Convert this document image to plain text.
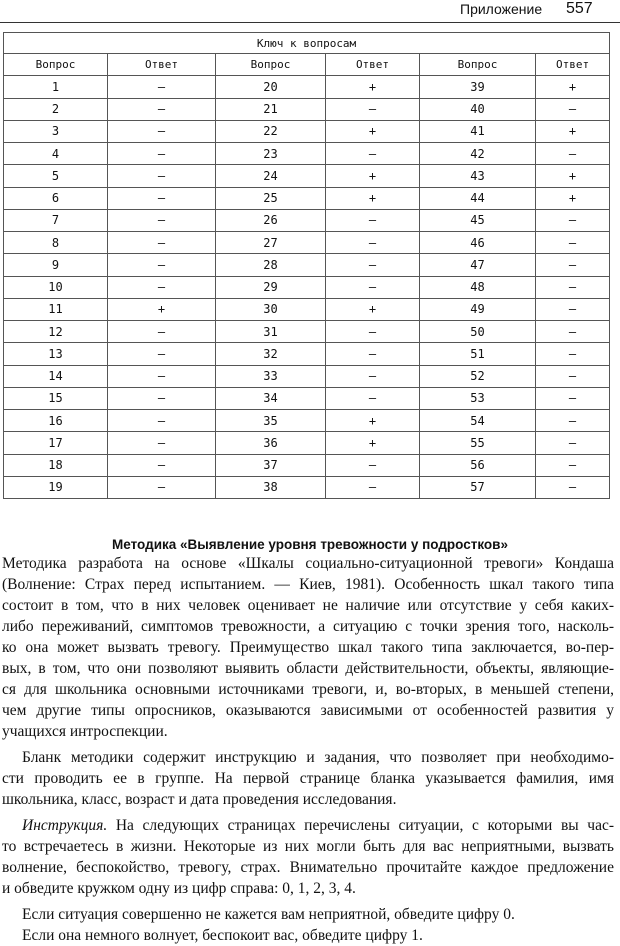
Приложение 557
Ключ к вопросам					
Вопрос	Ответ	Вопрос	Ответ	Вопрос	Ответ
1	–	20	+	39	+
2	–	21	–	40	–
3	–	22	+	41	+
4	–	23	–	42	–
5	–	24	+	43	+
6	–	25	+	44	+
7	–	26	–	45	–
8	–	27	–	46	–
9	–	28	–	47	–
10	–	29	–	48	–
11	+	30	+	49	–
12	–	31	–	50	–
13	–	32	–	51	–
14	–	33	–	52	–
15	–	34	–	53	–
16	–	35	+	54	–
17	–	36	+	55	–
18	–	37	–	56	–
19	–	38	–	57	–
Методика «Выявление уровня тревожности у подростков»
Методика разработа на основе «Шкалы социально-ситуационной тревоги» Кондаша
(Волнение: Страх перед испытанием. — Киев, 1981). Особенность шкал такого типа
состоит в том, что в них человек оценивает не наличие или отсутствие у себя каких-
либо переживаний, симптомов тревожности, а ситуацию с точки зрения того, насколь-
ко она может вызвать тревогу. Преимущество шкал такого типа заключается, во-пер-
вых, в том, что они позволяют выявить области действительности, объекты, являющие-
ся для школьника основными источниками тревоги, и, во-вторых, в меньшей степени,
чем другие типы опросников, оказываются зависимыми от особенностей развития у
учащихся интроспекции.
Бланк методики содержит инструкцию и задания, что позволяет при необходимо-
сти проводить ее в группе. На первой странице бланка указывается фамилия, имя
школьника, класс, возраст и дата проведения исследования.
Инструкция. На следующих страницах перечислены ситуации, с которыми вы час-
то встречаетесь в жизни. Некоторые из них могли быть для вас неприятными, вызвать
волнение, беспокойство, тревогу, страх. Внимательно прочитайте каждое предложение
и обведите кружком одну из цифр справа: 0, 1, 2, 3, 4.
Если ситуация совершенно не кажется вам неприятной, обведите цифру 0.
Если она немного волнует, беспокоит вас, обведите цифру 1.
